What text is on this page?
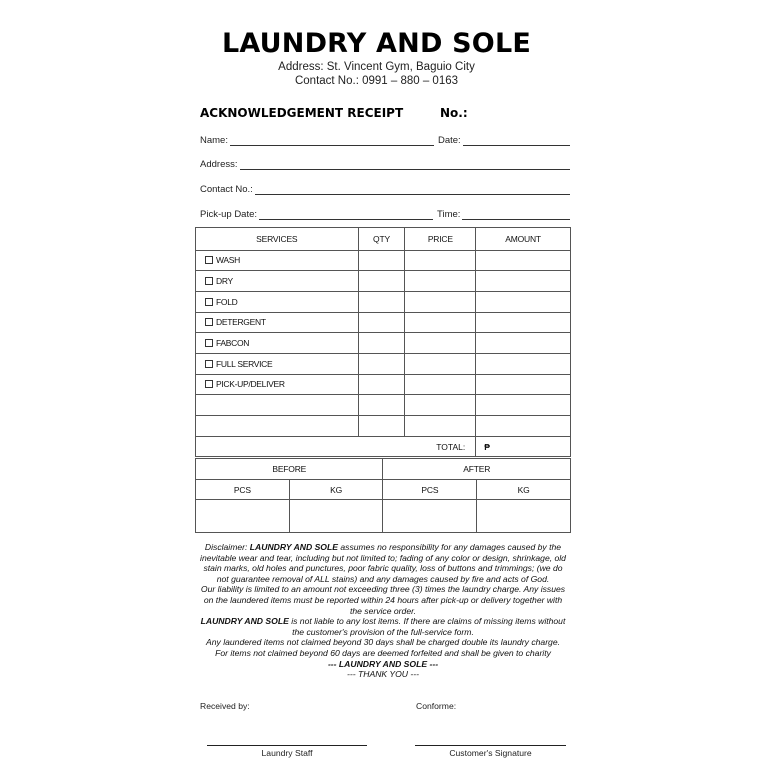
LAUNDRY AND SOLE
Address: St. Vincent Gym, Baguio City
Contact No.: 0991 – 880 – 0163
ACKNOWLEDGEMENT RECEIPT	No.:
Name:	Date:
Address:
Contact No.:
Pick-up Date:	Time:
SERVICES	QTY	PRICE	AMOUNT
WASH			
DRY			
FOLD			
DETERGENT			
FABCON			
FULL SERVICE			
PICK-UP/DELIVER			

TOTAL:			₱
BEFORE		AFTER	
PCS	KG	PCS	KG

Disclaimer: LAUNDRY AND SOLE assumes no responsibility for any damages caused by the inevitable wear and tear, including but not limited to; fading of any color or design, shrinkage, old stain marks, old holes and punctures, poor fabric quality, loss of buttons and trimmings; (we do not guarantee removal of ALL stains) and any damages caused by fire and acts of God.

Our liability is limited to an amount not exceeding three (3) times the laundry charge. Any issues on the laundered items must be reported within 24 hours after pick-up or delivery together with the service order.

LAUNDRY AND SOLE is not liable to any lost items. If there are claims of missing items without the customer's provision of the full-service form.

Any laundered items not claimed beyond 30 days shall be charged double its laundry charge. For items not claimed beyond 60 days are deemed forfeited and shall be given to charity

--- LAUNDRY AND SOLE ---

--- THANK YOU ---

Received by:	Conforme:
Laundry Staff	Customer's Signature
